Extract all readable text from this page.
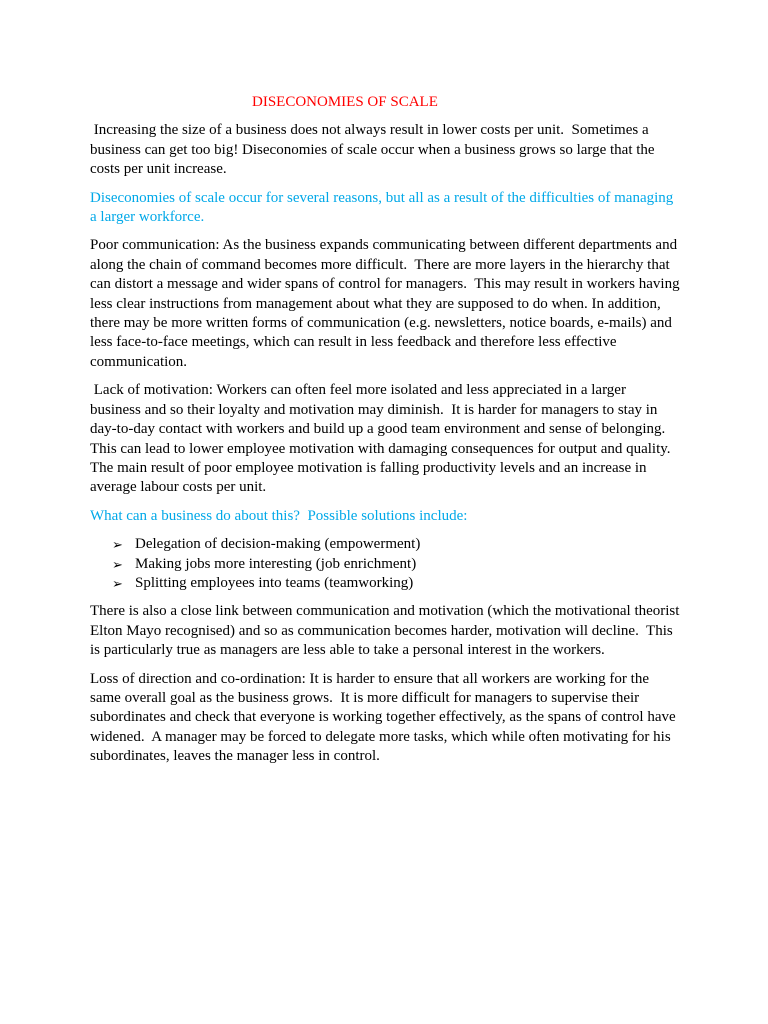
DISECONOMIES OF SCALE

Increasing the size of a business does not always result in lower costs per unit.  Sometimes a business can get too big! Diseconomies of scale occur when a business grows so large that the costs per unit increase.

Diseconomies of scale occur for several reasons, but all as a result of the difficulties of managing a larger workforce.

Poor communication: As the business expands communicating between different departments and along the chain of command becomes more difficult.  There are more layers in the hierarchy that can distort a message and wider spans of control for managers.  This may result in workers having less clear instructions from management about what they are supposed to do when. In addition, there may be more written forms of communication (e.g. newsletters, notice boards, e-mails) and less face-to-face meetings, which can result in less feedback and therefore less effective communication.

Lack of motivation: Workers can often feel more isolated and less appreciated in a larger business and so their loyalty and motivation may diminish.  It is harder for managers to stay in day-to-day contact with workers and build up a good team environment and sense of belonging. This can lead to lower employee motivation with damaging consequences for output and quality. The main result of poor employee motivation is falling productivity levels and an increase in average labour costs per unit.

What can a business do about this?  Possible solutions include:

➢ Delegation of decision-making (empowerment)
➢ Making jobs more interesting (job enrichment)
➢ Splitting employees into teams (teamworking)

There is also a close link between communication and motivation (which the motivational theorist Elton Mayo recognised) and so as communication becomes harder, motivation will decline.  This is particularly true as managers are less able to take a personal interest in the workers.

Loss of direction and co-ordination: It is harder to ensure that all workers are working for the same overall goal as the business grows.  It is more difficult for managers to supervise their subordinates and check that everyone is working together effectively, as the spans of control have widened.  A manager may be forced to delegate more tasks, which while often motivating for his subordinates, leaves the manager less in control.
